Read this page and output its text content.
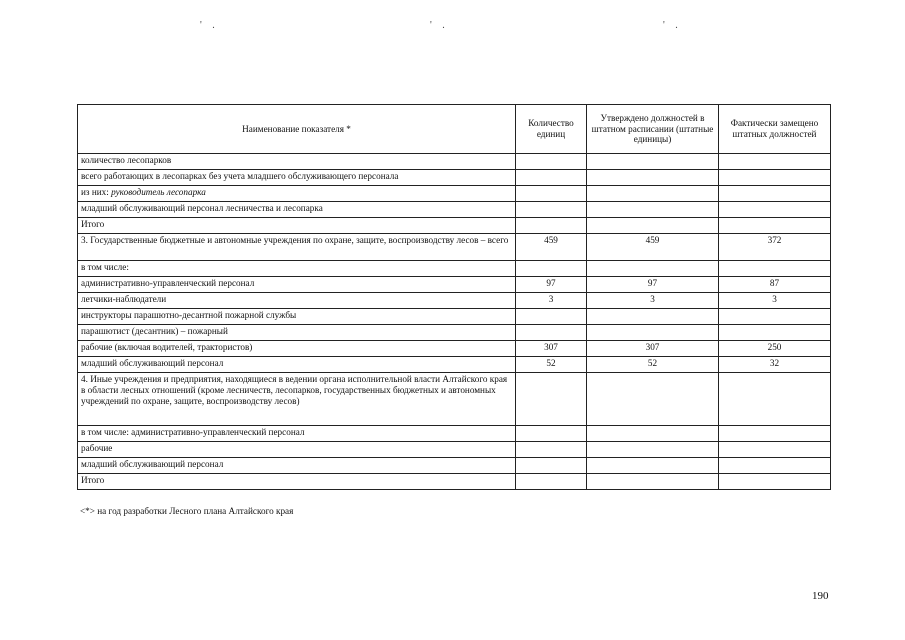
' .	' .	' .
Наименование показателя *	Количество единиц	Утверждено должностей в штатном расписании (штатные единицы)	Фактически замещено штатных должностей
количество лесопарков			
всего работающих в лесопарках без учета младшего обслуживающего персонала			
из них: руководитель лесопарка			
младший обслуживающий персонал лесничества и лесопарка			
Итого			
3. Государственные бюджетные и автономные учреждения по охране, защите, воспроизводству лесов – всего	459	459	372
в том числе:			
административно-управленческий персонал	97	97	87
летчики-наблюдатели	3	3	3
инструкторы парашютно-десантной пожарной службы			
парашютист (десантник) – пожарный			
рабочие (включая водителей, трактористов)	307	307	250
младший обслуживающий персонал	52	52	32
4. Иные учреждения и предприятия, находящиеся в ведении органа исполнительной власти Алтайского края в области лесных отношений (кроме лесничеств, лесопарков, государственных бюджетных и автономных учреждений по охране, защите, воспроизводству лесов)			
в том числе: административно-управленческий персонал			
рабочие			
младший обслуживающий персонал			
Итого			
<*> на год разработки Лесного плана Алтайского края
190
